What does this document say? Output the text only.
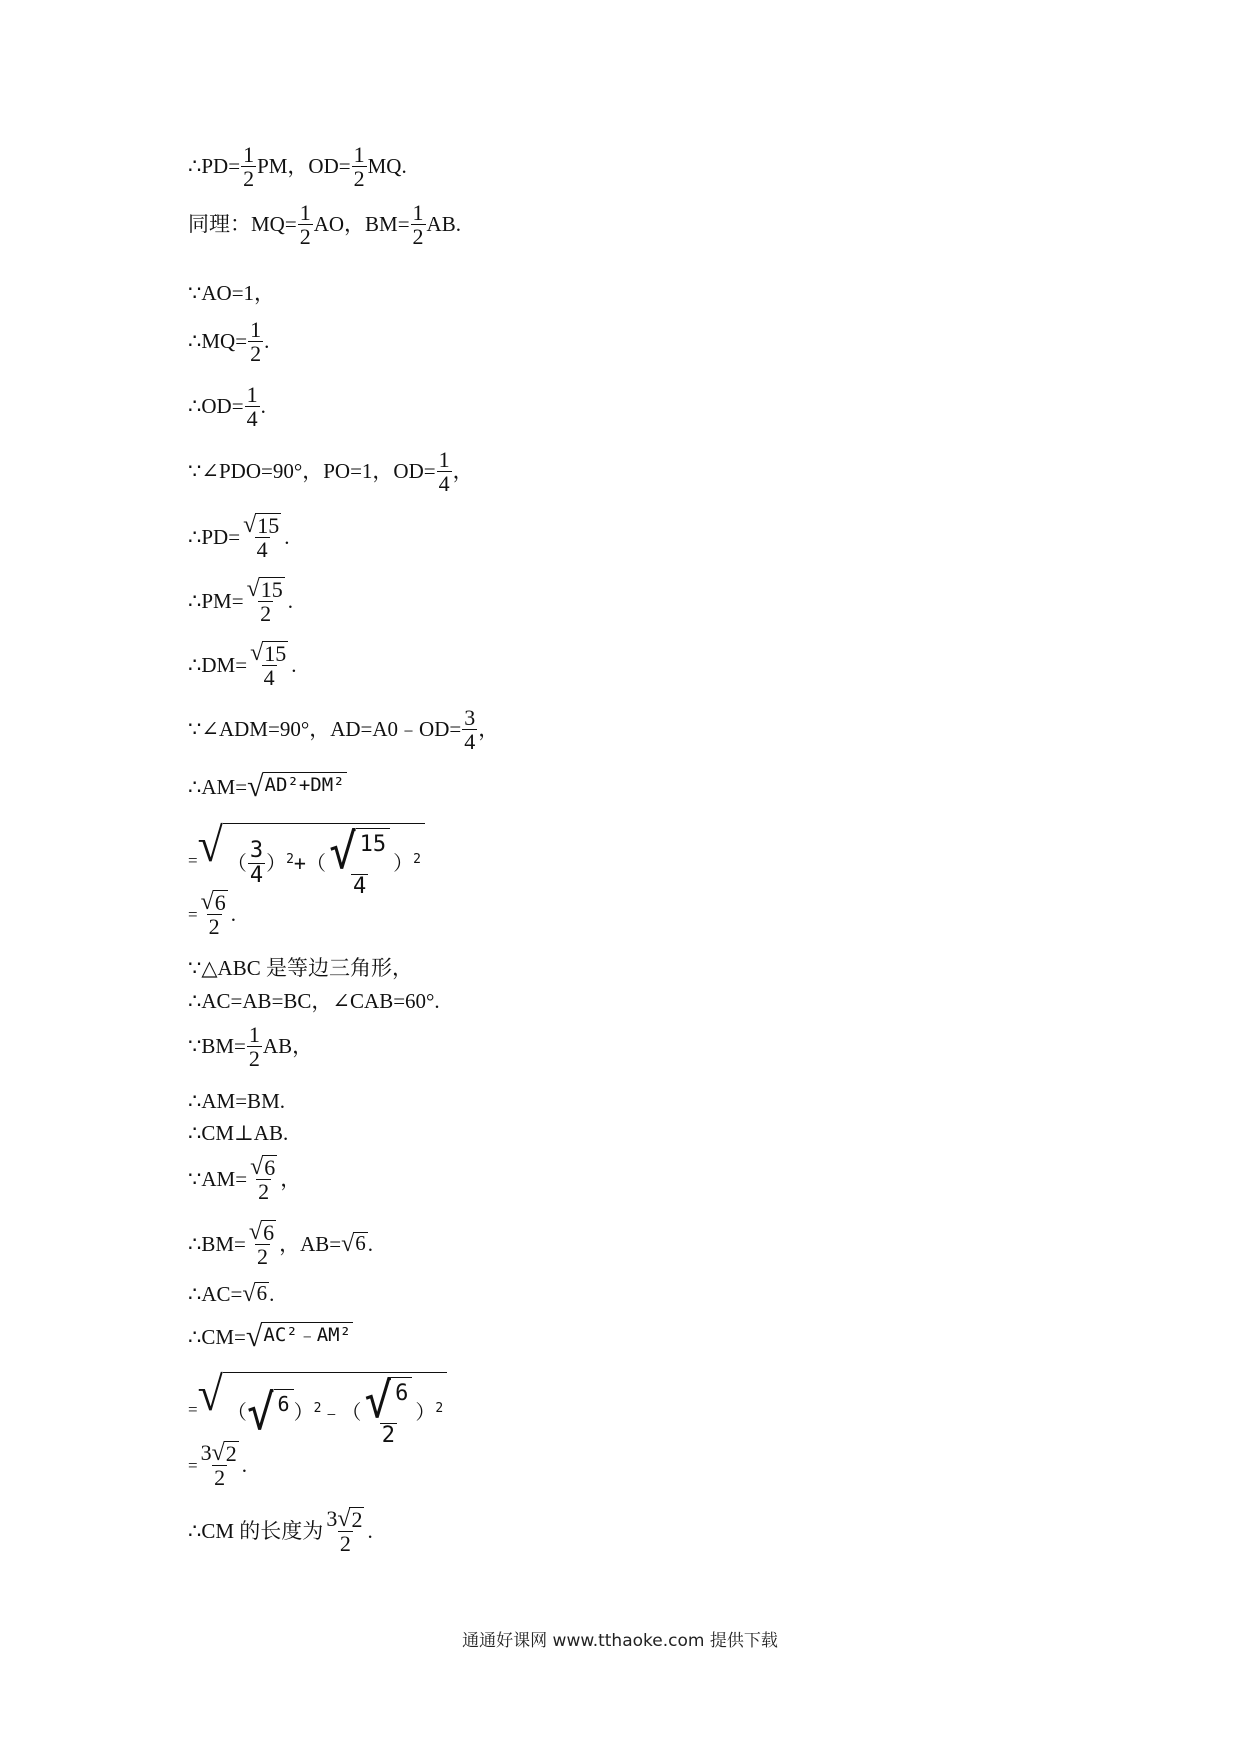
∴ $PD= \frac{1}{2}$ PM，$OD= \frac{1}{2}$ MQ.
同理：$MQ= \frac{1}{2}$ AO，$BM= \frac{1}{2}$ AB.
∵ AO=1，
∴ $MQ= \frac{1}{2}$ .
∴ $OD= \frac{1}{4}$ .
∵ ∠PDO=90°，PO=1，$OD= \frac{1}{4}$ ，
∴ $PD= \frac{√ 15}{4}$ .
∴ $PM= \frac{√ 15}{2}$ .
∴ $DM= \frac{√ 15}{4}$ .
∵ ∠ADM=90°，AD=A0﹣OD= $\frac{3}{4}$ ，
∴ AM= √ AD²+DM²
= √ （ $\frac{3}{4}$ ） 2 +（ $\frac{√ 15}{4}$ ） 2
= $\frac{√ 6}{2}$ .
∵ △ABC 是等边三角形，
∴ AC=AB=BC，∠CAB=60°.
∵ $BM= \frac{1}{2}$ AB，
∴ AM=BM.
∴ CM⊥AB.
∵ $AM= \frac{√ 6}{2}$ ，
∴ $BM= \frac{√ 6}{2}$ ，AB= √ 6 .
∴ AC= √ 6 .
∴ CM= √ AC²﹣AM²
= √ （ √ 6 ） 2 ﹣（ $\frac{√ 6}{2}$ ） 2
= $\frac{3 √ 2}{2}$ .
∴ CM 的长度为 $\frac{3 √ 2}{2}$ .
通通好课网 www.tthaoke.com 提供下载
